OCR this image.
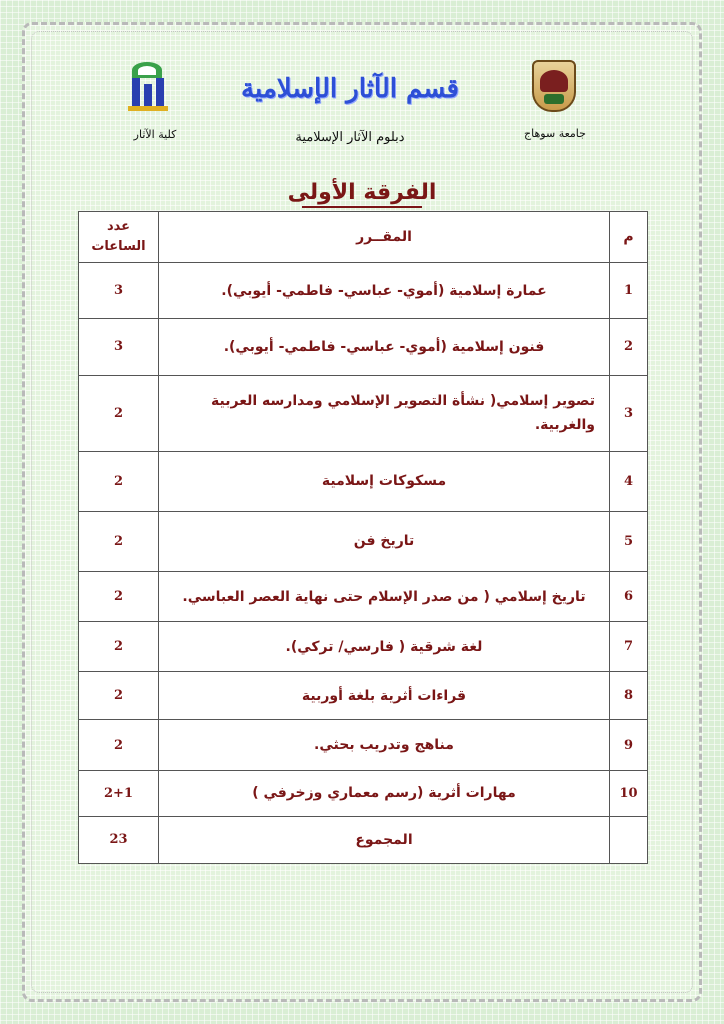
قسم الآثار الإسلامية
كلية الآثار	دبلوم الآثار الإسلامية	جامعة سوهاج
الفرقة الأولى
عدد
الساعات	المقــرر	م
3	عمارة إسلامية (أموي- عباسي- فاطمي- أيوبي).	1
3	فنون إسلامية (أموي- عباسي- فاطمي- أيوبي).	2
2	تصوير إسلامي( نشأة التصوير الإسلامي ومدارسه العربية والغربية.	3
2	مسكوكات إسلامية	4
2	تاريخ فن	5
2	تاريخ إسلامي ( من صدر الإسلام حتى نهاية العصر العباسي.	6
2	لغة شرقية ( فارسي/ تركي).	7
2	قراءات أثرية بلغة أوربية	8
2	مناهج وتدريب بحثي.	9
2+1	مهارات أثرية (رسم معماري وزخرفي )	10
23	المجموع	
